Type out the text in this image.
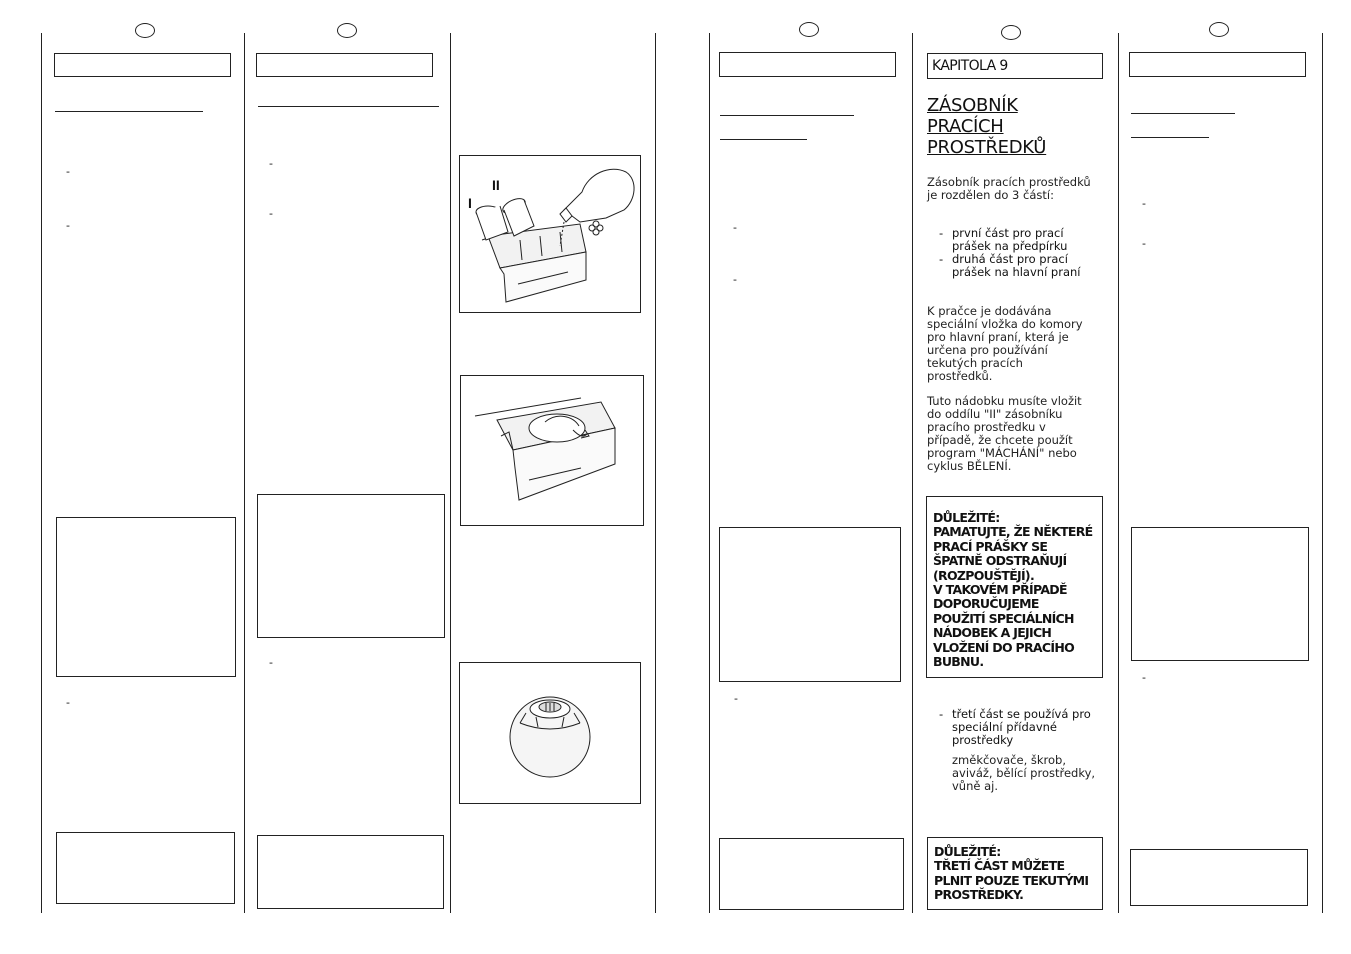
-
-
-
-
-
-
I
II
-
-
-
KAPITOLA 9
ZÁSOBNÍK
PRACÍCH
PROSTŘEDKŮ
Zásobník pracích prostředků
je rozdělen do 3 částí:
- první část pro prací
prášek na předpírku
- druhá část pro prací
prášek na hlavní praní
K pračce je dodávána
speciální vložka do komory
pro hlavní praní, která je
určena pro používání
tekutých pracích
prostředků.
Tuto nádobku musíte vložit
do oddílu "II" zásobníku
pracího prostředku v
případě, že chcete použít
program "MÁCHÁNÍ" nebo
cyklus BĚLENÍ.
DŮLEŽITÉ:
PAMATUJTE, ŽE NĚKTERÉ
PRACÍ PRÁŠKY SE
ŠPATNĚ ODSTRAŇUJÍ
(ROZPOUŠTĚJÍ).
V TAKOVÉM PŘÍPADĚ
DOPORUČUJEME
POUŽITÍ SPECIÁLNÍCH
NÁDOBEK A JEJICH
VLOŽENÍ DO PRACÍHO
BUBNU.
- třetí část se používá pro
speciální přídavné
prostředky
změkčovače, škrob,
aviváž, bělící prostředky,
vůně aj.
DŮLEŽITÉ:
TŘETÍ ČÁST MŮŽETE
PLNIT POUZE TEKUTÝMI
PROSTŘEDKY.
-
-
-
